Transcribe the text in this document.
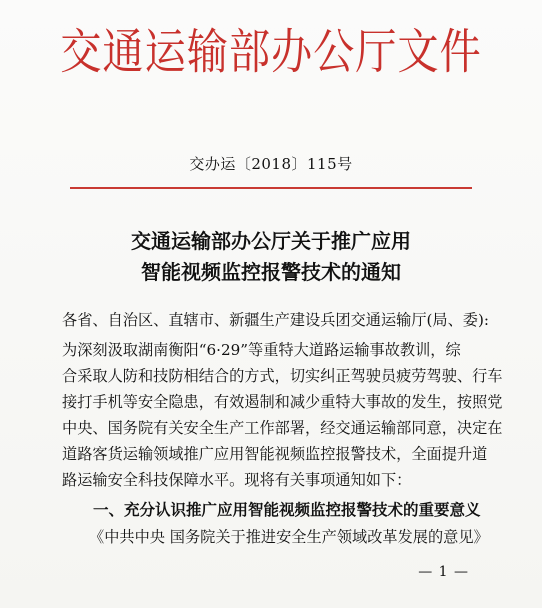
交通运输部办公厅文件
交办运〔2018〕115号
交通运输部办公厅关于推广应用
智能视频监控报警技术的通知
各省、自治区、直辖市、新疆生产建设兵团交通运输厅(局、委):
为深刻汲取湖南衡阳“6·29”等重特大道路运输事故教训，综
合采取人防和技防相结合的方式，切实纠正驾驶员疲劳驾驶、行车
接打手机等安全隐患，有效遏制和减少重特大事故的发生，按照党
中央、国务院有关安全生产工作部署，经交通运输部同意，决定在
道路客货运输领域推广应用智能视频监控报警技术，全面提升道
路运输安全科技保障水平。现将有关事项通知如下：
一、充分认识推广应用智能视频监控报警技术的重要意义
《中共中央 国务院关于推进安全生产领域改革发展的意见》
— 1 —
